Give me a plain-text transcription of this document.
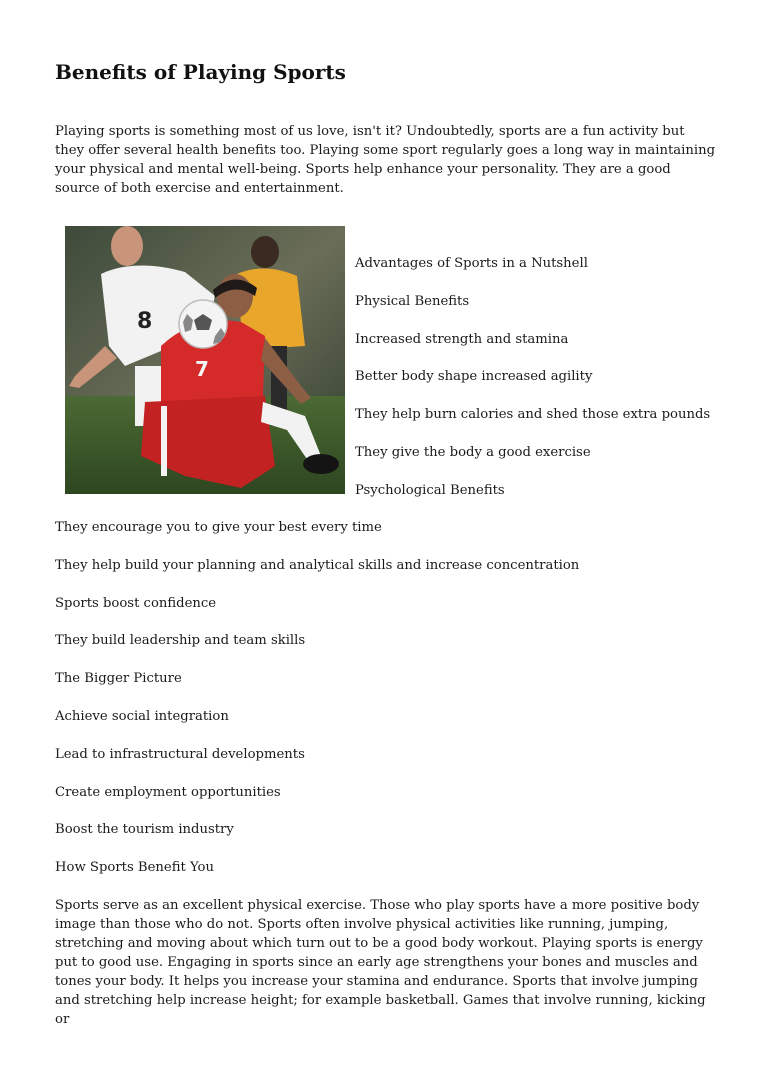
Benefits of Playing Sports

Playing sports is something most of us love, isn't it? Undoubtedly, sports are a fun activity but they offer several health benefits too. Playing some sport regularly goes a long way in maintaining your physical and mental well-being. Sports help enhance your personality. They are a good source of both exercise and entertainment.

8
7

Advantages of Sports in a Nutshell

Physical Benefits

Increased strength and stamina

Better body shape increased agility

They help burn calories and shed those extra pounds

They give the body a good exercise

Psychological Benefits

They encourage you to give your best every time

They help build your planning and analytical skills and increase concentration

Sports boost confidence

They build leadership and team skills

The Bigger Picture

Achieve social integration

Lead to infrastructural developments

Create employment opportunities

Boost the tourism industry

How Sports Benefit You

Sports serve as an excellent physical exercise. Those who play sports have a more positive body image than those who do not. Sports often involve physical activities like running, jumping, stretching and moving about which turn out to be a good body workout. Playing sports is energy put to good use. Engaging in sports since an early age strengthens your bones and muscles and tones your body. It helps you increase your stamina and endurance. Sports that involve jumping and stretching help increase height; for example basketball. Games that involve running, kicking or
